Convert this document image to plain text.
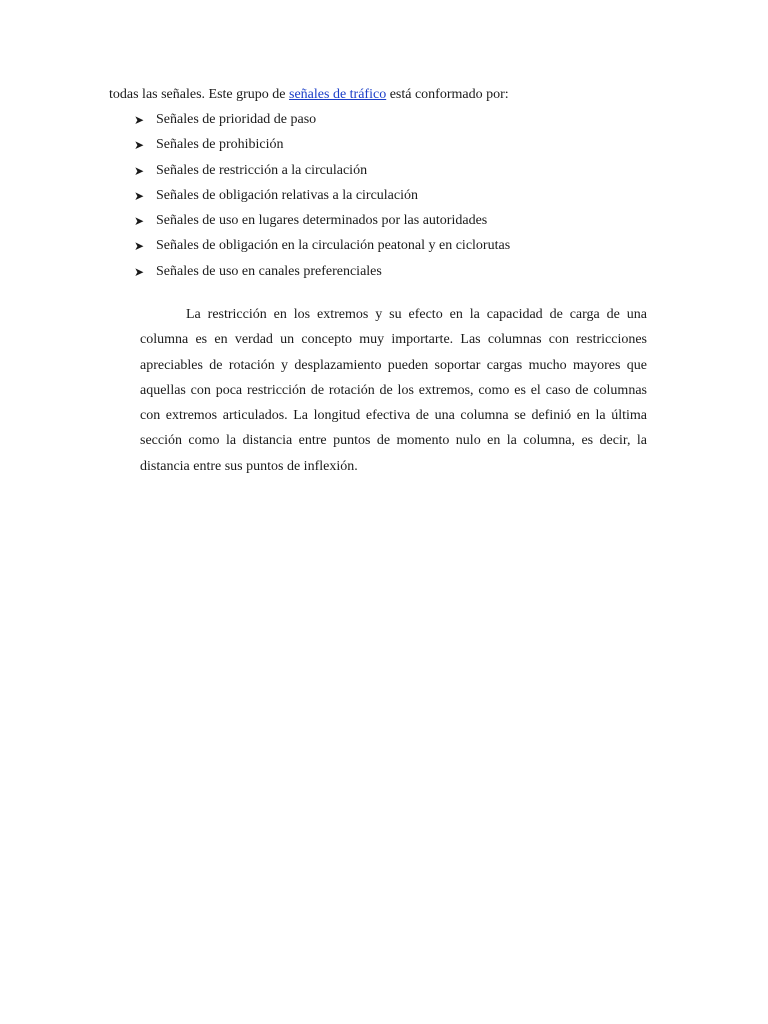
todas las señales. Este grupo de señales de tráfico está conformado por:
➤ Señales de prioridad de paso
➤ Señales de prohibición
➤ Señales de restricción a la circulación
➤ Señales de obligación relativas a la circulación
➤ Señales de uso en lugares determinados por las autoridades
➤ Señales de obligación en la circulación peatonal y en ciclorutas
➤ Señales de uso en canales preferenciales

La restricción en los extremos y su efecto en la capacidad de carga de una columna es en verdad un concepto muy importarte. Las columnas con restricciones apreciables de rotación y desplazamiento pueden soportar cargas mucho mayores que aquellas con poca restricción de rotación de los extremos, como es el caso de columnas con extremos articulados. La longitud efectiva de una columna se definió en la última sección como la distancia entre puntos de momento nulo en la columna, es decir, la distancia entre sus puntos de inflexión.
